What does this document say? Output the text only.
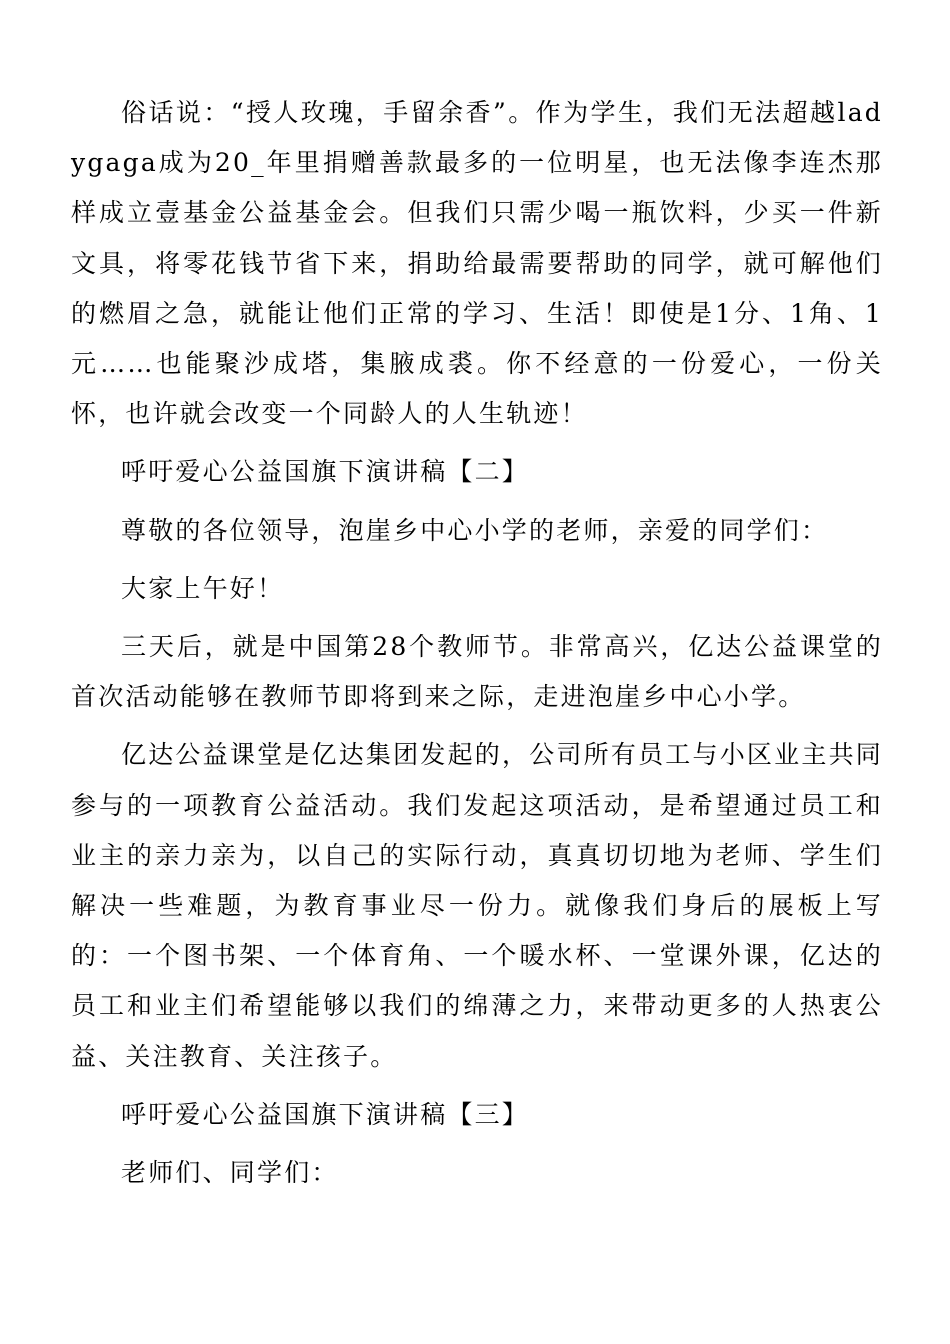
俗话说：“授人玫瑰，手留余香”。作为学生，我们无法超越ladygaga成为20_年里捐赠善款最多的一位明星，也无法像李连杰那样成立壹基金公益基金会。但我们只需少喝一瓶饮料，少买一件新文具，将零花钱节省下来，捐助给最需要帮助的同学，就可解他们的燃眉之急，就能让他们正常的学习、生活！即使是1分、1角、1元……也能聚沙成塔，集腋成裘。你不经意的一份爱心，一份关怀，也许就会改变一个同龄人的人生轨迹！

呼吁爱心公益国旗下演讲稿【二】

尊敬的各位领导，泡崖乡中心小学的老师，亲爱的同学们：

大家上午好！

三天后，就是中国第28个教师节。非常高兴，亿达公益课堂的首次活动能够在教师节即将到来之际，走进泡崖乡中心小学。

亿达公益课堂是亿达集团发起的，公司所有员工与小区业主共同参与的一项教育公益活动。我们发起这项活动，是希望通过员工和业主的亲力亲为，以自己的实际行动，真真切切地为老师、学生们解决一些难题，为教育事业尽一份力。就像我们身后的展板上写的：一个图书架、一个体育角、一个暖水杯、一堂课外课，亿达的员工和业主们希望能够以我们的绵薄之力，来带动更多的人热衷公益、关注教育、关注孩子。

呼吁爱心公益国旗下演讲稿【三】

老师们、同学们：
